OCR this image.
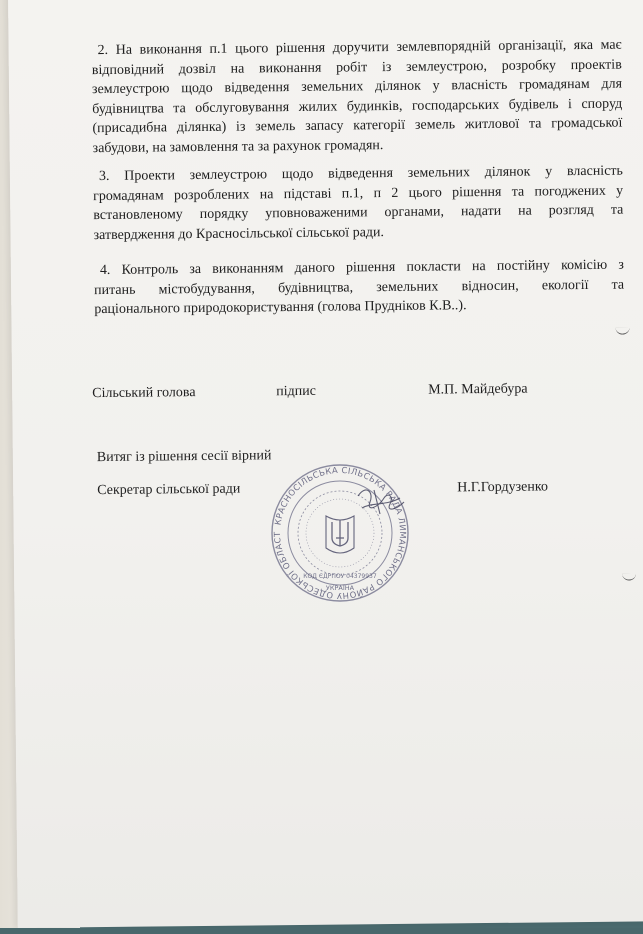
2. На виконання п.1 цього рішення доручити землевпорядній організації, яка має
відповідний дозвіл на виконання робіт із землеустрою, розробку проектів
землеустрою щодо відведення земельних ділянок у власність громадянам для
будівництва та обслуговування жилих будинків, господарських будівель і споруд
(присадибна ділянка) із земель запасу категорії земель житлової та громадської
забудови, на замовлення та за рахунок громадян.
3. Проекти землеустрою щодо відведення земельних ділянок у власність
громадянам розроблених на підставі п.1, п 2 цього рішення та погоджених у
встановленому порядку уповноваженими органами, надати на розгляд та
затвердження до Красносільської сільської ради.
4. Контроль за виконанням даного рішення покласти на постійну комісію з
питань містобудування, будівництва, земельних відносин, екології та
раціонального природокористування (голова Прудніков К.В..).
Сільський голова	підпис	М.П. Майдебура
Витяг із рішення сесії вірний
Секретар сільської ради	Н.Г.Гордузенко
КРАСНОСІЛЬСЬКА СІЛЬСЬКА РАДА ЛИМАНСЬКОГО РАЙОНУ ОДЕСЬКОЇ ОБЛАСТ
КОД ЄДРПОУ 04379937
УКРАЇНА
